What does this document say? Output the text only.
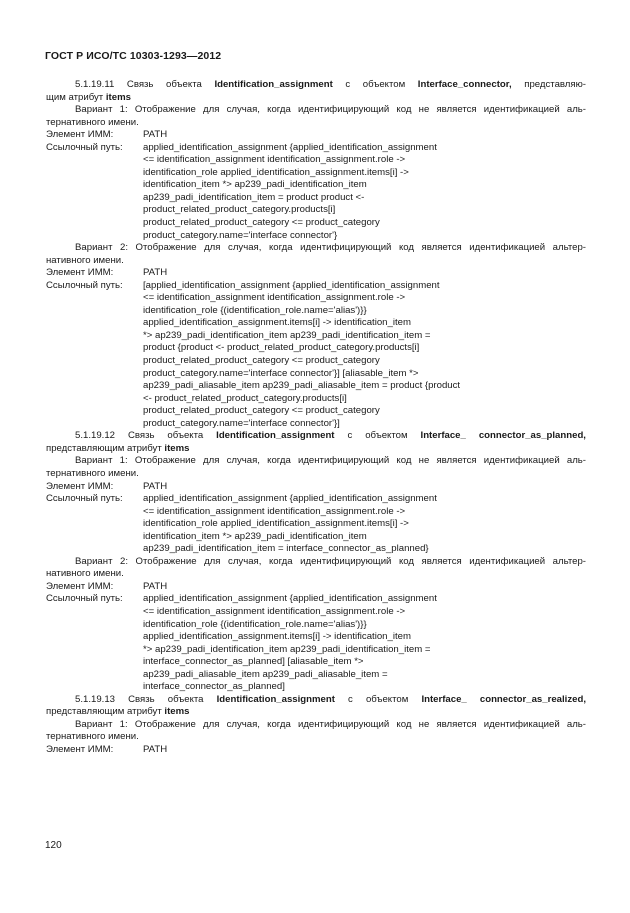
ГОСТ Р ИСО/ТС 10303-1293—2012
5.1.19.11 Связь объекта Identification_assignment с объектом Interface_connector, представляю-
щим атрибут items
Вариант 1: Отображение для случая, когда идентифицирующий код не является идентификацией аль-
тернативного имени.
Элемент ИММ:	PATH
Ссылочный путь: applied_identification_assignment {applied_identification_assignment
<= identification_assignment identification_assignment.role ->
identification_role applied_identification_assignment.items[i] ->
identification_item *> ap239_padi_identification_item
ap239_padi_identification_item = product product <-
product_related_product_category.products[i]
product_related_product_category <= product_category
product_category.name='interface connector'}
Вариант 2: Отображение для случая, когда идентифицирующий код является идентификацией альтер-
нативного имени.
Элемент ИММ:	PATH
Ссылочный путь: [applied_identification_assignment {applied_identification_assignment
<= identification_assignment identification_assignment.role ->
identification_role {(identification_role.name='alias')}}
applied_identification_assignment.items[i] -> identification_item
*> ap239_padi_identification_item ap239_padi_identification_item =
product {product <- product_related_product_category.products[i]
product_related_product_category <= product_category
product_category.name='interface connector'}] [aliasable_item *>
ap239_padi_aliasable_item ap239_padi_aliasable_item = product {product
<- product_related_product_category.products[i]
product_related_product_category <= product_category
product_category.name='interface connector'}]
5.1.19.12 Связь объекта Identification_assignment с объектом Interface_ connector_as_planned,
представляющим атрибут items
Вариант 1: Отображение для случая, когда идентифицирующий код не является идентификацией аль-
тернативного имени.
Элемент ИММ:	PATH
Ссылочный путь: applied_identification_assignment {applied_identification_assignment
<= identification_assignment identification_assignment.role ->
identification_role applied_identification_assignment.items[i] ->
identification_item *> ap239_padi_identification_item
ap239_padi_identification_item = interface_connector_as_planned}
Вариант 2: Отображение для случая, когда идентифицирующий код является идентификацией альтер-
нативного имени.
Элемент ИММ:	PATH
Ссылочный путь: applied_identification_assignment {applied_identification_assignment
<= identification_assignment identification_assignment.role ->
identification_role {(identification_role.name='alias')}}
applied_identification_assignment.items[i] -> identification_item
*> ap239_padi_identification_item ap239_padi_identification_item =
interface_connector_as_planned] [aliasable_item *>
ap239_padi_aliasable_item ap239_padi_aliasable_item =
interface_connector_as_planned]
5.1.19.13 Связь объекта Identification_assignment с объектом Interface_ connector_as_realized,
представляющим атрибут items
Вариант 1: Отображение для случая, когда идентифицирующий код не является идентификацией аль-
тернативного имени.
Элемент ИММ:	PATH
120
